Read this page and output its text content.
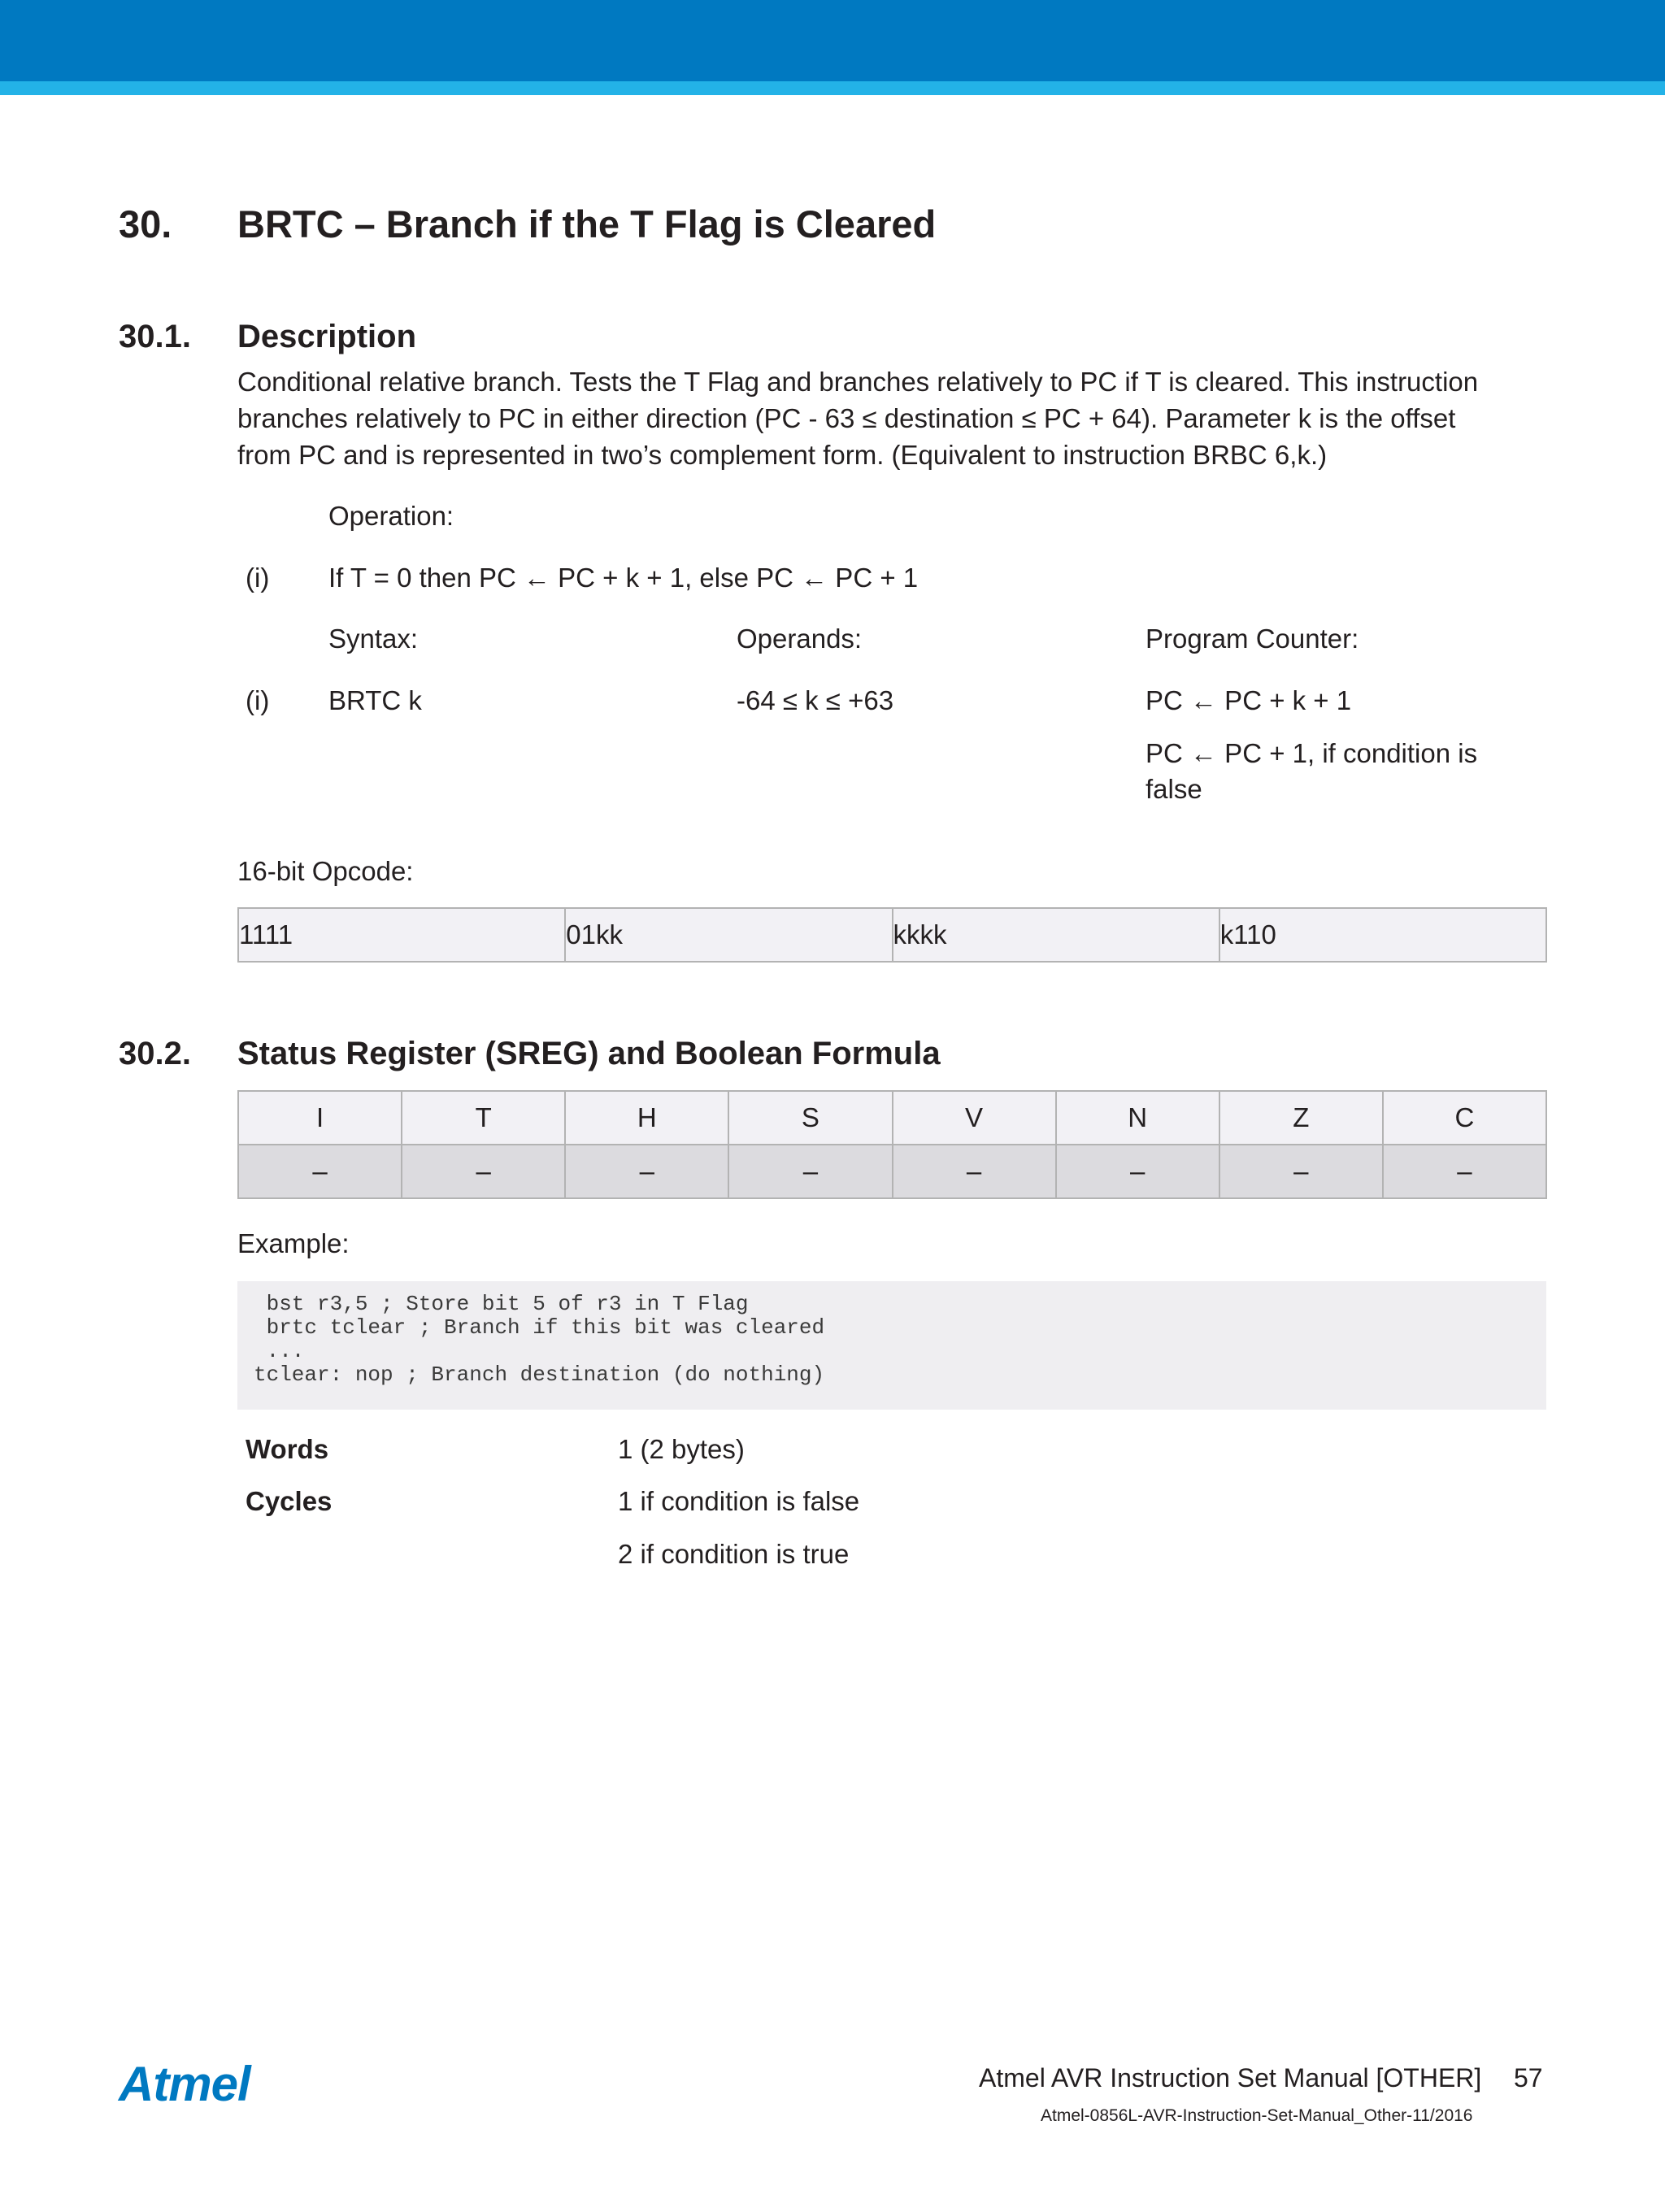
30. BRTC – Branch if the T Flag is Cleared
30.1. Description
Conditional relative branch. Tests the T Flag and branches relatively to PC if T is cleared. This instruction
branches relatively to PC in either direction (PC - 63 ≤ destination ≤ PC + 64). Parameter k is the offset
from PC and is represented in two’s complement form. (Equivalent to instruction BRBC 6,k.)
Operation:
(i) If T = 0 then PC ← PC + k + 1, else PC ← PC + 1
Syntax:	Operands:	Program Counter:
(i) BRTC k	-64 ≤ k ≤ +63	PC ← PC + k + 1
PC ← PC + 1, if condition is
false
16-bit Opcode:
1111	01kk	kkkk	k110
30.2. Status Register (SREG) and Boolean Formula
I	T	H	S	V	N	Z	C
–	–	–	–	–	–	–	–
Example:
bst r3,5 ; Store bit 5 of r3 in T Flag
brtc tclear ; Branch if this bit was cleared
...
tclear: nop ; Branch destination (do nothing)
Words	1 (2 bytes)
Cycles	1 if condition is false
2 if condition is true
Atmel	Atmel AVR Instruction Set Manual [OTHER] 57
Atmel-0856L-AVR-Instruction-Set-Manual_Other-11/2016
